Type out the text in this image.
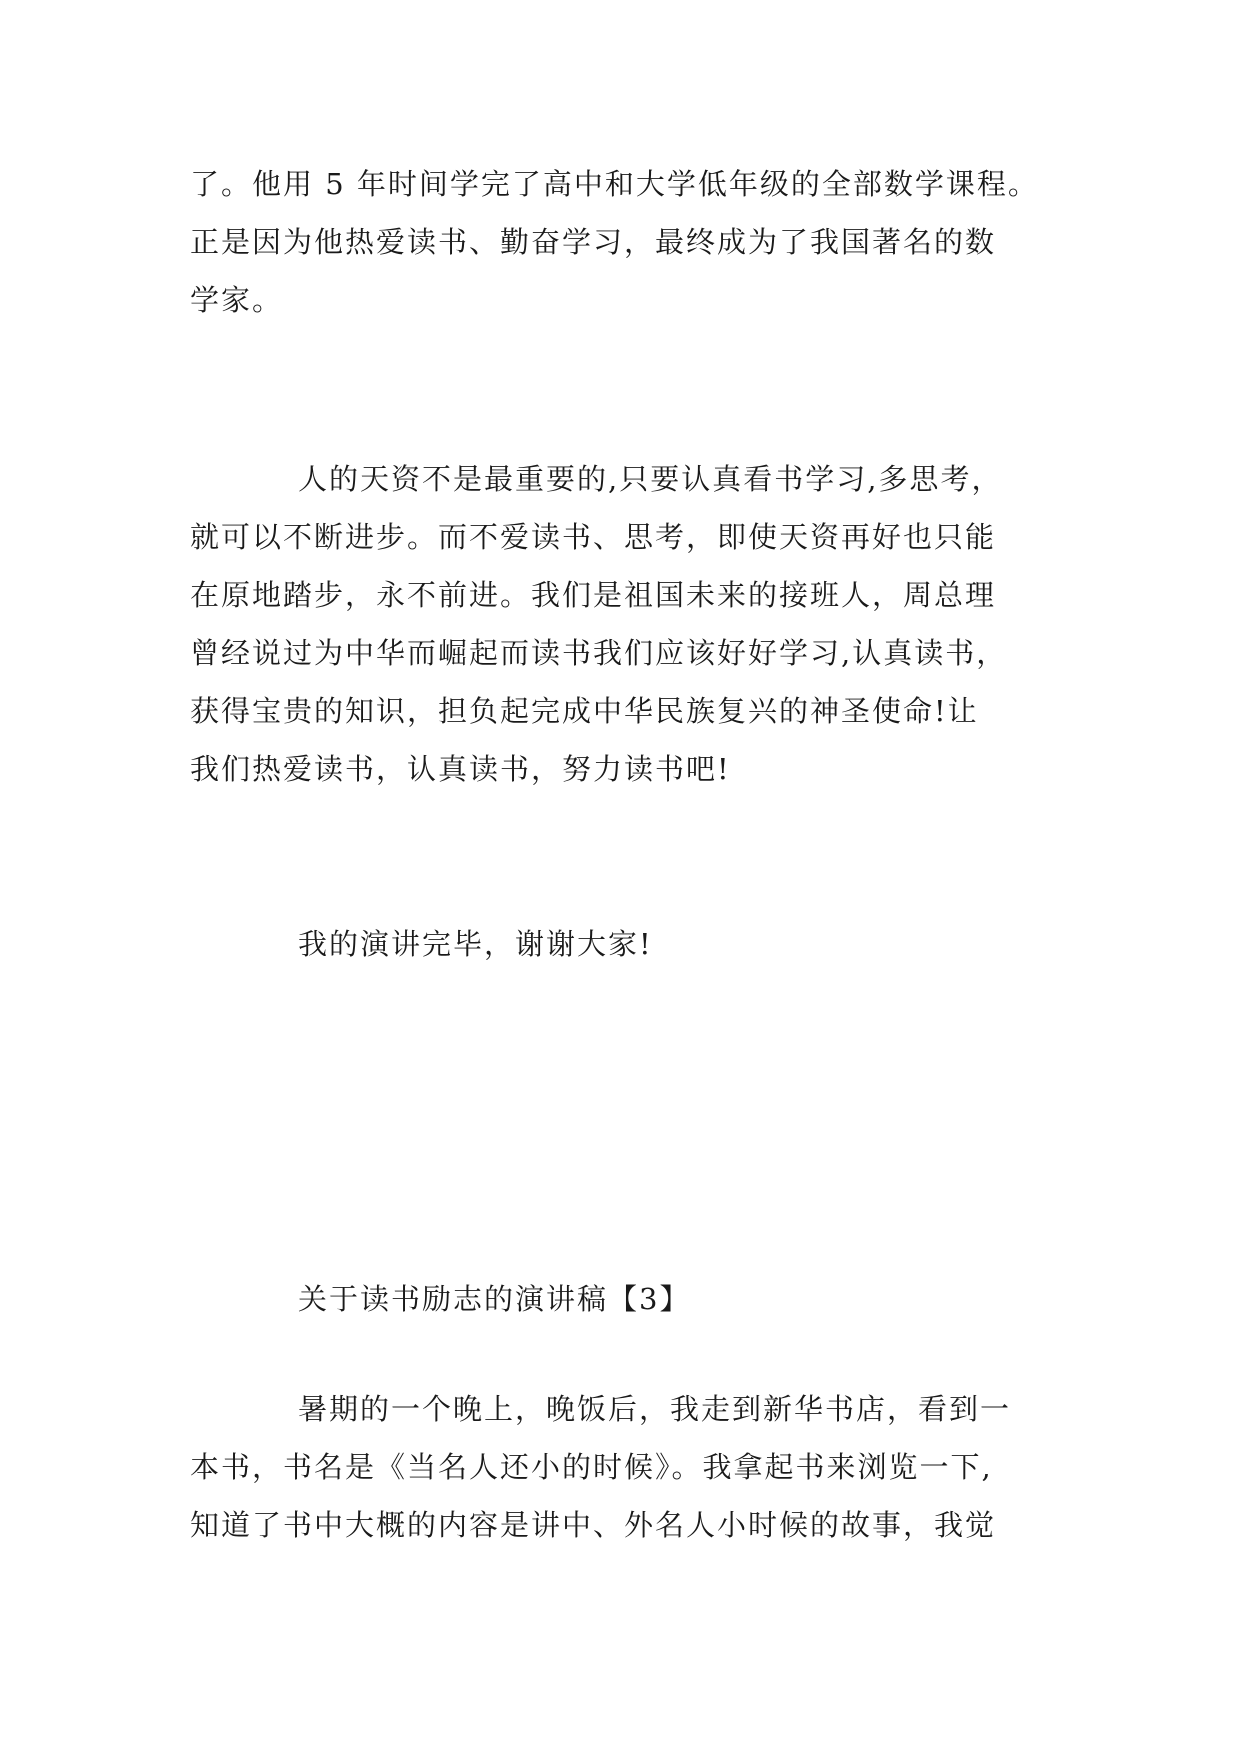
了。他用 5 年时间学完了高中和大学低年级的全部数学课程。
正是因为他热爱读书、勤奋学习，最终成为了我国著名的数
学家。
人的天资不是最重要的,只要认真看书学习,多思考，
就可以不断进步。而不爱读书、思考，即使天资再好也只能
在原地踏步，永不前进。我们是祖国未来的接班人，周总理
曾经说过为中华而崛起而读书我们应该好好学习,认真读书，
获得宝贵的知识，担负起完成中华民族复兴的神圣使命!让
我们热爱读书，认真读书，努力读书吧!
我的演讲完毕，谢谢大家!
关于读书励志的演讲稿【3】
暑期的一个晚上，晚饭后，我走到新华书店，看到一
本书，书名是《当名人还小的时候》。我拿起书来浏览一下,
知道了书中大概的内容是讲中、外名人小时候的故事，我觉
